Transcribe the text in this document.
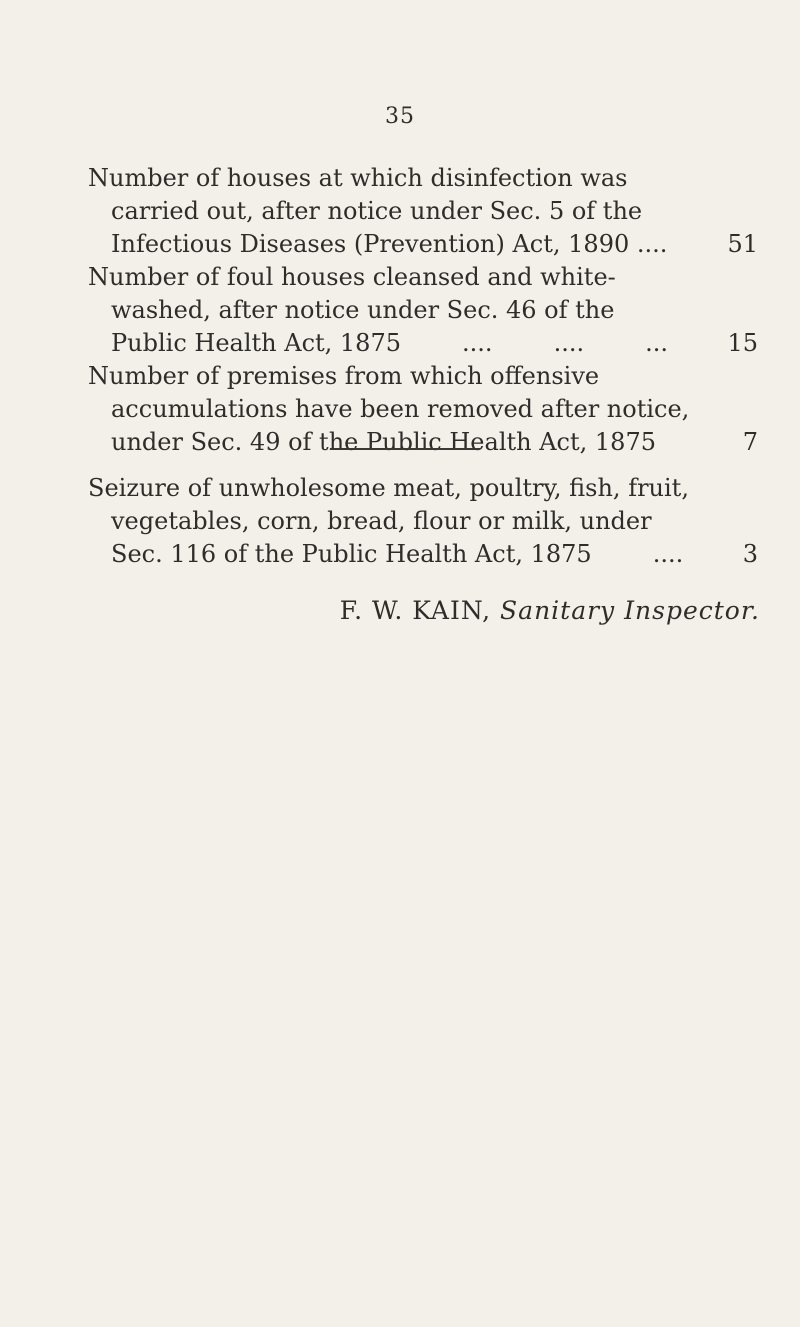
35
Number of houses at which disinfection was
carried out, after notice under Sec. 5 of the
Infectious Diseases (Prevention) Act, 1890 ....	51
Number of foul houses cleansed and white-
washed, after notice under Sec. 46 of the
Public Health Act, 1875        ....        ....        ... 15
Number of premises from which offensive
accumulations have been removed after notice,
under Sec. 49 of the Public Health Act, 1875	7
Seizure of unwholesome meat, poultry, fish, fruit,
vegetables, corn, bread, flour or milk, under
Sec. 116 of the Public Health Act, 1875        .... 3
F. W. KAIN, Sanitary Inspector.
